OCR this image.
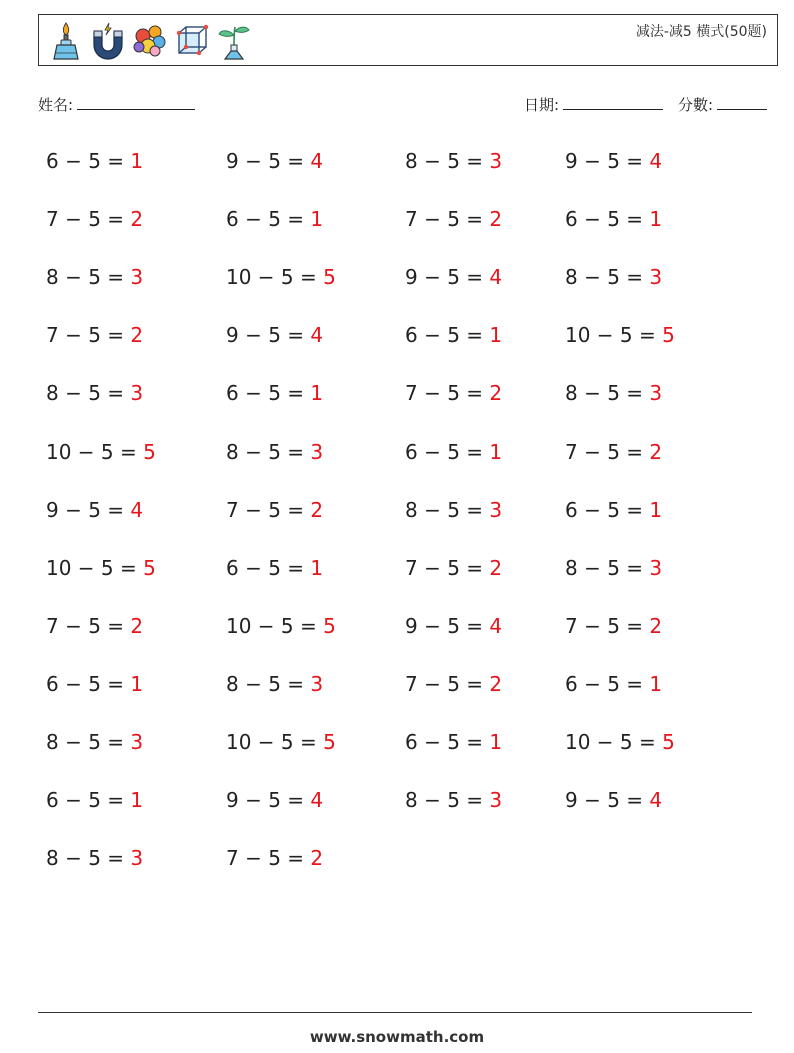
减法-减5 横式(50题)
姓名:	日期:	分數:
6 − 5 = 1	9 − 5 = 4	8 − 5 = 3	9 − 5 = 4
7 − 5 = 2	6 − 5 = 1	7 − 5 = 2	6 − 5 = 1
8 − 5 = 3	10 − 5 = 5	9 − 5 = 4	8 − 5 = 3
7 − 5 = 2	9 − 5 = 4	6 − 5 = 1	10 − 5 = 5
8 − 5 = 3	6 − 5 = 1	7 − 5 = 2	8 − 5 = 3
10 − 5 = 5	8 − 5 = 3	6 − 5 = 1	7 − 5 = 2
9 − 5 = 4	7 − 5 = 2	8 − 5 = 3	6 − 5 = 1
10 − 5 = 5	6 − 5 = 1	7 − 5 = 2	8 − 5 = 3
7 − 5 = 2	10 − 5 = 5	9 − 5 = 4	7 − 5 = 2
6 − 5 = 1	8 − 5 = 3	7 − 5 = 2	6 − 5 = 1
8 − 5 = 3	10 − 5 = 5	6 − 5 = 1	10 − 5 = 5
6 − 5 = 1	9 − 5 = 4	8 − 5 = 3	9 − 5 = 4
8 − 5 = 3	7 − 5 = 2
www.snowmath.com
